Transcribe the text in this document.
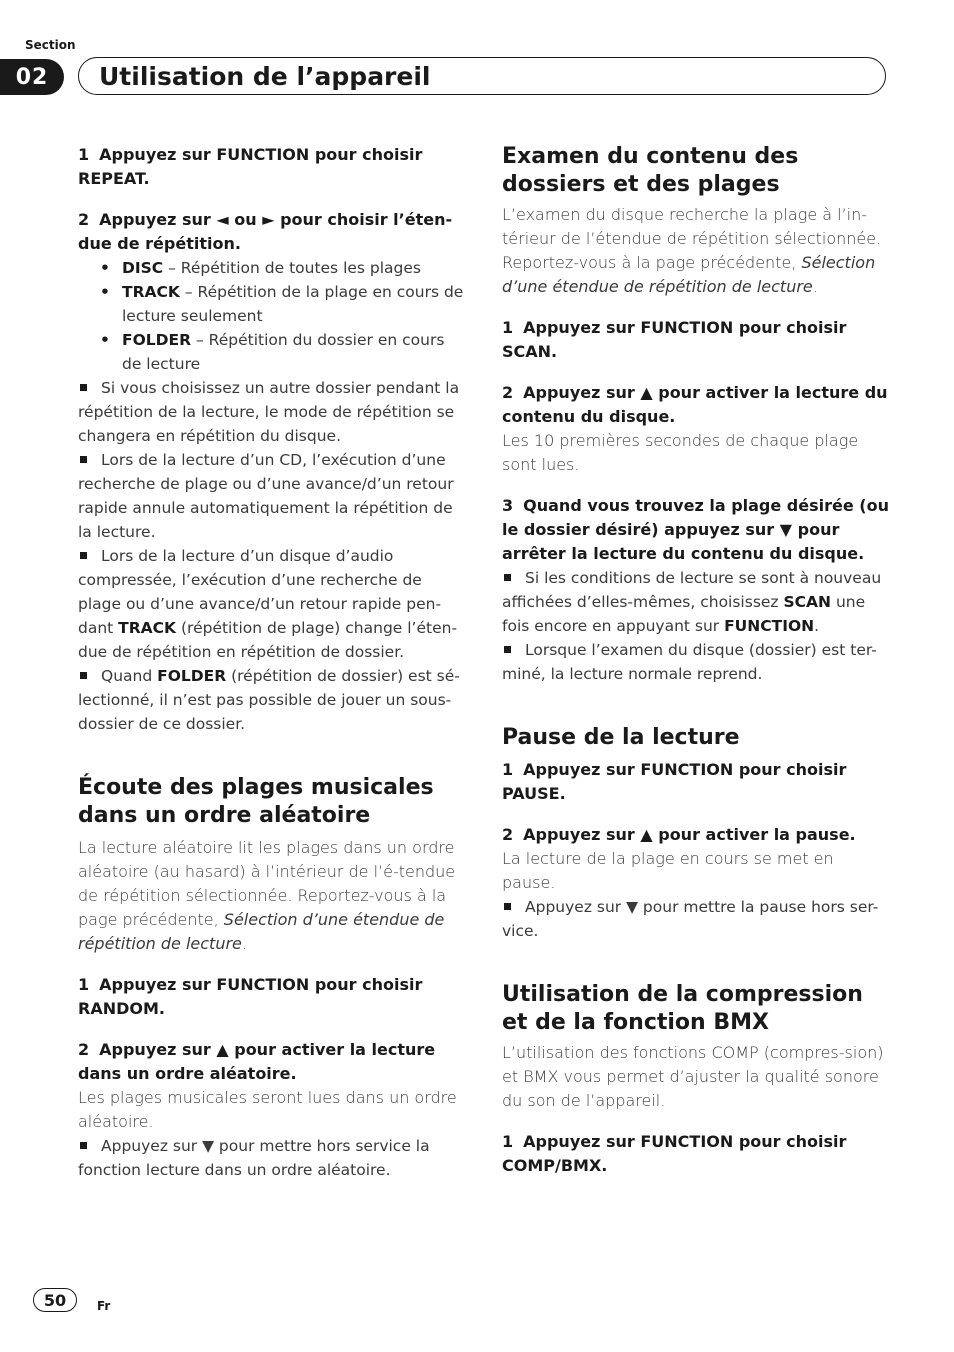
Section
02	Utilisation de l’appareil

1 Appuyez sur FUNCTION pour choisir REPEAT.

2 Appuyez sur ◄ ou ► pour choisir l’éten-due de répétition.

• DISC – Répétition de toutes les plages
• TRACK – Répétition de la plage en cours de lecture seulement
• FOLDER – Répétition du dossier en cours de lecture

Si vous choisissez un autre dossier pendant la répétition de la lecture, le mode de répétition se changera en répétition du disque.

Lors de la lecture d’un CD, l’exécution d’une recherche de plage ou d’une avance/d’un retour rapide annule automatiquement la répétition de la lecture.

Lors de la lecture d’un disque d’audio compressée, l’exécution d’une recherche de plage ou d’une avance/d’un retour rapide pen-dant TRACK (répétition de plage) change l’éten-due de répétition en répétition de dossier.

Quand FOLDER (répétition de dossier) est sé-lectionné, il n’est pas possible de jouer un sous-dossier de ce dossier.

Écoute des plages musicales dans un ordre aléatoire

La lecture aléatoire lit les plages dans un ordre aléatoire (au hasard) à l’intérieur de l’é-tendue de répétition sélectionnée. Reportez-vous à la page précédente, Sélection d’une étendue de répétition de lecture.

1 Appuyez sur FUNCTION pour choisir RANDOM.

2 Appuyez sur ▲ pour activer la lecture dans un ordre aléatoire.

Les plages musicales seront lues dans un ordre aléatoire.

Appuyez sur ▼ pour mettre hors service la fonction lecture dans un ordre aléatoire.

Examen du contenu des dossiers et des plages

L’examen du disque recherche la plage à l’in-térieur de l’étendue de répétition sélectionnée. Reportez-vous à la page précédente, Sélection d’une étendue de répétition de lecture.

1 Appuyez sur FUNCTION pour choisir SCAN.

2 Appuyez sur ▲ pour activer la lecture du contenu du disque.

Les 10 premières secondes de chaque plage sont lues.

3 Quand vous trouvez la plage désirée (ou le dossier désiré) appuyez sur ▼ pour arrêter la lecture du contenu du disque.

Si les conditions de lecture se sont à nouveau affichées d’elles-mêmes, choisissez SCAN une fois encore en appuyant sur FUNCTION.

Lorsque l’examen du disque (dossier) est ter-miné, la lecture normale reprend.

Pause de la lecture

1 Appuyez sur FUNCTION pour choisir PAUSE.

2 Appuyez sur ▲ pour activer la pause.

La lecture de la plage en cours se met en pause.

Appuyez sur ▼ pour mettre la pause hors ser-vice.

Utilisation de la compression et de la fonction BMX

L’utilisation des fonctions COMP (compres-sion) et BMX vous permet d’ajuster la qualité sonore du son de l’appareil.

1 Appuyez sur FUNCTION pour choisir COMP/BMX.

50	Fr
